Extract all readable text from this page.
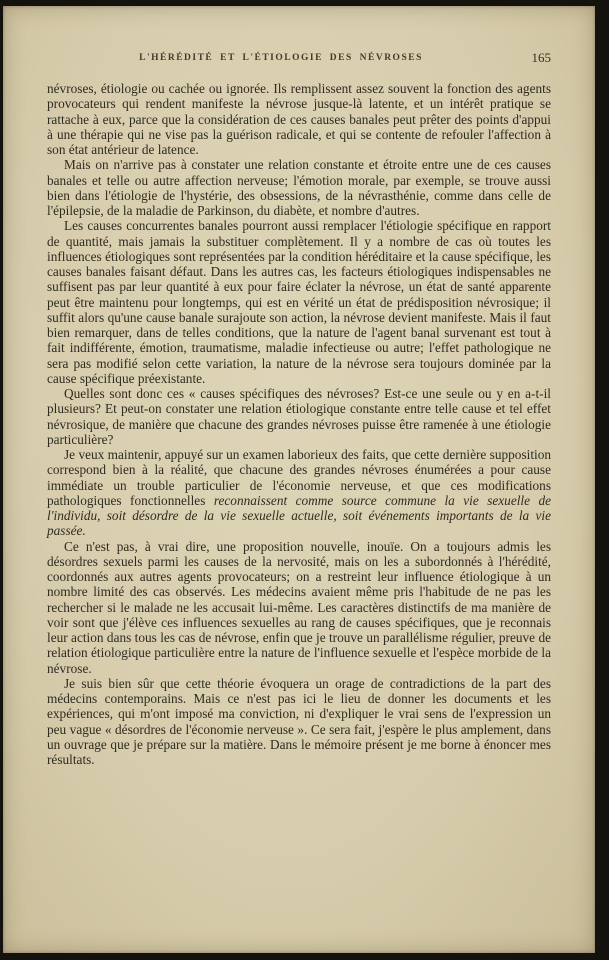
L'HÉRÉDITÉ ET L'ÉTIOLOGIE DES NÉVROSES	165

névroses, étiologie ou cachée ou ignorée. Ils remplissent assez souvent la fonction des agents provocateurs qui rendent manifeste la névrose jusque-là latente, et un intérêt pratique se rattache à eux, parce que la considération de ces causes banales peut prêter des points d'appui à une thérapie qui ne vise pas la guérison radicale, et qui se contente de refouler l'affection à son état antérieur de latence.

Mais on n'arrive pas à constater une relation constante et étroite entre une de ces causes banales et telle ou autre affection nerveuse; l'émotion morale, par exemple, se trouve aussi bien dans l'étiologie de l'hystérie, des obsessions, de la névrasthénie, comme dans celle de l'épilepsie, de la maladie de Parkinson, du diabète, et nombre d'autres.

Les causes concurrentes banales pourront aussi remplacer l'étiologie spécifique en rapport de quantité, mais jamais la substituer complètement. Il y a nombre de cas où toutes les influences étiologiques sont représentées par la condition héréditaire et la cause spécifique, les causes banales faisant défaut. Dans les autres cas, les facteurs étiologiques indispensables ne suffisent pas par leur quantité à eux pour faire éclater la névrose, un état de santé apparente peut être maintenu pour longtemps, qui est en vérité un état de prédisposition névrosique; il suffit alors qu'une cause banale surajoute son action, la névrose devient manifeste. Mais il faut bien remarquer, dans de telles conditions, que la nature de l'agent banal survenant est tout à fait indifférente, émotion, traumatisme, maladie infectieuse ou autre; l'effet pathologique ne sera pas modifié selon cette variation, la nature de la névrose sera toujours dominée par la cause spécifique préexistante.

Quelles sont donc ces « causes spécifiques des névroses? Est-ce une seule ou y en a-t-il plusieurs? Et peut-on constater une relation étiologique constante entre telle cause et tel effet névrosique, de manière que chacune des grandes névroses puisse être ramenée à une étiologie particulière?

Je veux maintenir, appuyé sur un examen laborieux des faits, que cette dernière supposition correspond bien à la réalité, que chacune des grandes névroses énumérées a pour cause immédiate un trouble particulier de l'économie nerveuse, et que ces modifications pathologiques fonctionnelles reconnaissent comme source commune la vie sexuelle de l'individu, soit désordre de la vie sexuelle actuelle, soit événements importants de la vie passée.

Ce n'est pas, à vrai dire, une proposition nouvelle, inouïe. On a toujours admis les désordres sexuels parmi les causes de la nervosité, mais on les a subordonnés à l'hérédité, coordonnés aux autres agents provocateurs; on a restreint leur influence étiologique à un nombre limité des cas observés. Les médecins avaient même pris l'habitude de ne pas les rechercher si le malade ne les accusait lui-même. Les caractères distinctifs de ma manière de voir sont que j'élève ces influences sexuelles au rang de causes spécifiques, que je reconnais leur action dans tous les cas de névrose, enfin que je trouve un parallélisme régulier, preuve de relation étiologique particulière entre la nature de l'influence sexuelle et l'espèce morbide de la névrose.

Je suis bien sûr que cette théorie évoquera un orage de contradictions de la part des médecins contemporains. Mais ce n'est pas ici le lieu de donner les documents et les expériences, qui m'ont imposé ma conviction, ni d'expliquer le vrai sens de l'expression un peu vague « désordres de l'économie nerveuse ». Ce sera fait, j'espère le plus amplement, dans un ouvrage que je prépare sur la matière. Dans le mémoire présent je me borne à énoncer mes résultats.
